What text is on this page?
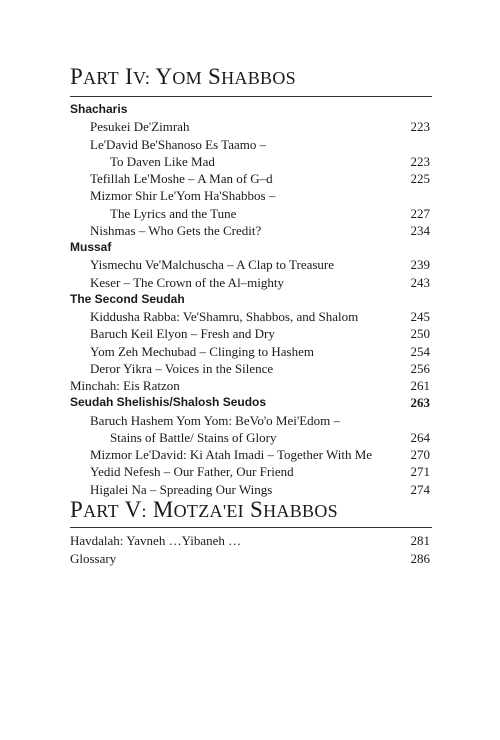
PART IV: YOM SHABBOS
Shacharis
Pesukei De'Zimrah	223
Le'David Be'Shanoso Es Taamo –
To Daven Like Mad	223
Tefillah Le'Moshe – A Man of G–d	225
Mizmor Shir Le'Yom Ha'Shabbos –
The Lyrics and the Tune	227
Nishmas – Who Gets the Credit?	234
Mussaf
Yismechu Ve'Malchuscha – A Clap to Treasure	239
Keser – The Crown of the Al–mighty	243
The Second Seudah
Kiddusha Rabba: Ve'Shamru, Shabbos, and Shalom	245
Baruch Keil Elyon – Fresh and Dry	250
Yom Zeh Mechubad – Clinging to Hashem	254
Deror Yikra – Voices in the Silence	256
Minchah: Eis Ratzon	261
Seudah Shelishis/Shalosh Seudos	263
Baruch Hashem Yom Yom: BeVo'o Mei'Edom –
Stains of Battle/ Stains of Glory	264
Mizmor Le'David: Ki Atah Imadi – Together With Me	270
Yedid Nefesh – Our Father, Our Friend	271
Higalei Na – Spreading Our Wings	274
PART V: MOTZA'EI SHABBOS
Havdalah: Yavneh …Yibaneh …	281
Glossary	286
